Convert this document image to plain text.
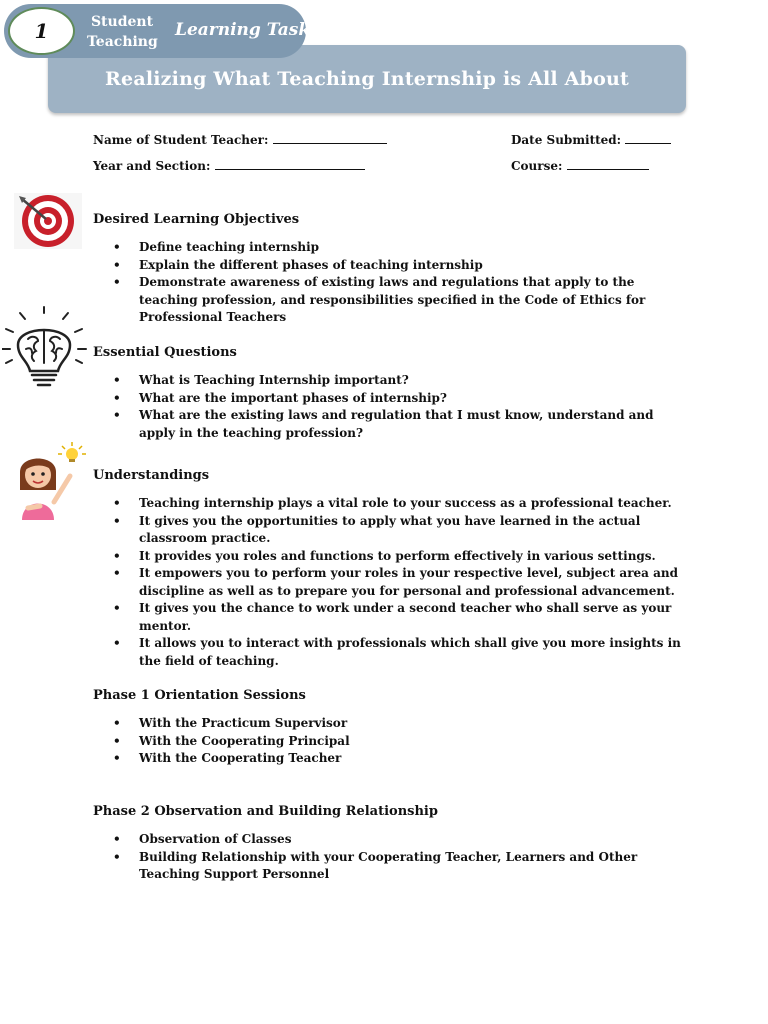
Realizing What Teaching Internship is All About
1	Student
Teaching
Learning Tasks
Name of Student Teacher:	Date Submitted:
Year and Section:	Course:
Desired Learning Objectives
• Define teaching internship
• Explain the different phases of teaching internship
• Demonstrate awareness of existing laws and regulations that apply to the teaching profession, and responsibilities specified in the Code of Ethics for Professional Teachers
Essential Questions
• What is Teaching Internship important?
• What are the important phases of internship?
• What are the existing laws and regulation that I must know, understand and apply in the teaching profession?
Understandings
• Teaching internship plays a vital role to your success as a professional teacher.
• It gives you the opportunities to apply what you have learned in the actual classroom practice.
• It provides you roles and functions to perform effectively in various settings.
• It empowers you to perform your roles in your respective level, subject area and discipline as well as to prepare you for personal and professional advancement.
• It gives you the chance to work under a second teacher who shall serve as your mentor.
• It allows you to interact with professionals which shall give you more insights in the field of teaching.
Phase 1 Orientation Sessions
• With the Practicum Supervisor
• With the Cooperating Principal
• With the Cooperating Teacher
Phase 2 Observation and Building Relationship
• Observation of Classes
• Building Relationship with your Cooperating Teacher, Learners and Other Teaching Support Personnel
